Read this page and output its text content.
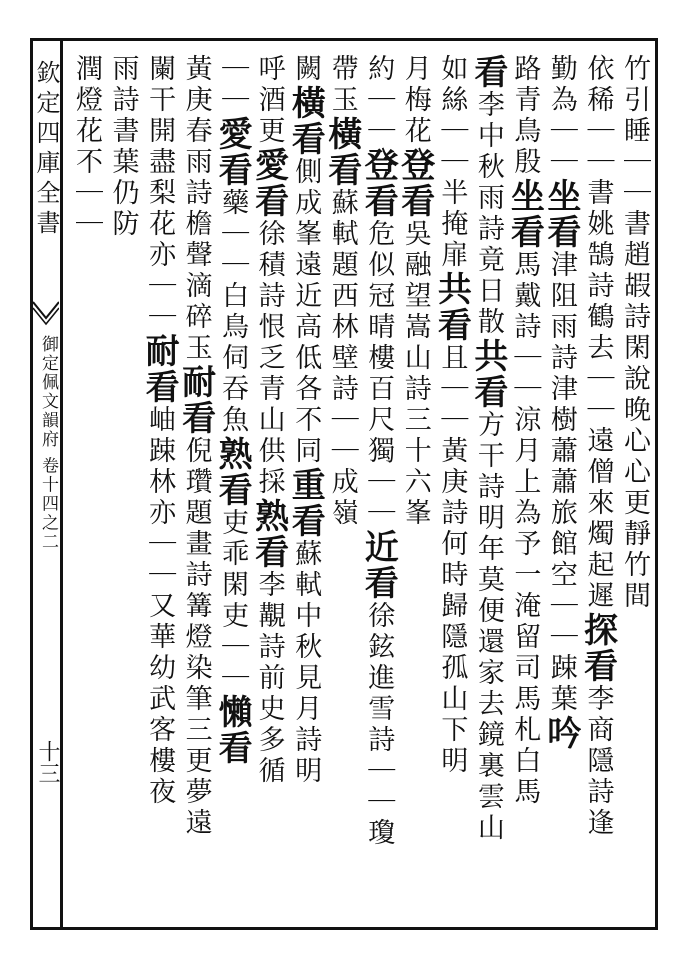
欽定四庫全書
御定佩文韻府 卷十四之二
十三
竹引睡｜｜書趙嘏詩閑說晚心心更靜竹間
依稀｜｜書姚鵠詩鶴去｜｜遠僧來燭起遲探看李商隱詩逢
勤為｜｜坐看津阻雨詩津樹蕭蕭旅館空｜｜踈葉吟
路青鳥殷坐看馬戴詩｜｜涼月上為予一淹留司馬札白馬
看李中秋雨詩竟日散共看方干詩明年莫便還家去鏡裏雲山
如絲｜｜半掩扉共看且｜｜黃庚詩何時歸隱孤山下明
月梅花登看吳融望嵩山詩三十六峯
約｜｜登看危似冠晴樓百尺獨｜｜近看徐鉉進雪詩｜｜瓊
帶玉橫看蘇軾題西林壁詩｜｜成嶺
闕橫看側成峯遠近高低各不同重看蘇軾中秋見月詩明
呼酒更愛看徐積詩恨乏青山供採熟看李覯詩前史多循
｜｜愛看藥｜｜白鳥伺吞魚熟看吏乖閑吏｜｜懶看
黃庚春雨詩檐聲滴碎玉耐看倪瓚題畫詩篝燈染筆三更夢遠
闌干開盡梨花亦｜｜耐看岫踈林亦｜｜又華幼武客樓夜
雨詩書葉仍防
潤燈花不｜｜
